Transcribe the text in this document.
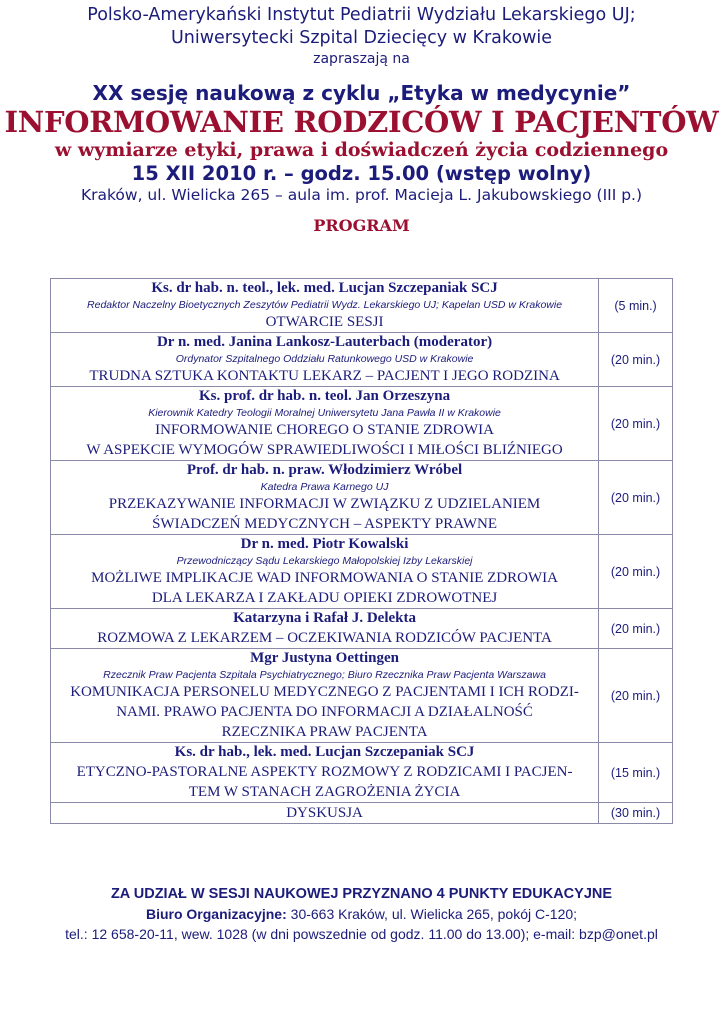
Polsko-Amerykański Instytut Pediatrii Wydziału Lekarskiego UJ;
Uniwersytecki Szpital Dziecięcy w Krakowie
zapraszają na
XX sesję naukową z cyklu „Etyka w medycynie”
INFORMOWANIE RODZICÓW I PACJENTÓW
w wymiarze etyki, prawa i doświadczeń życia codziennego
15 XII 2010 r. – godz. 15.00 (wstęp wolny)
Kraków, ul. Wielicka 265 – aula im. prof. Macieja L. Jakubowskiego (III p.)
PROGRAM
Ks. dr hab. n. teol., lek. med. Lucjan Szczepaniak SCJ
Redaktor Naczelny Bioetycznych Zeszytów Pediatrii Wydz. Lekarskiego UJ; Kapelan USD w Krakowie
OTWARCIE SESJI	(5 min.)

Dr n. med. Janina Lankosz-Lauterbach (moderator)
Ordynator Szpitalnego Oddziału Ratunkowego USD w Krakowie
TRUDNA SZTUKA KONTAKTU LEKARZ – PACJENT I JEGO RODZINA	(20 min.)

Ks. prof. dr hab. n. teol. Jan Orzeszyna
Kierownik Katedry Teologii Moralnej Uniwersytetu Jana Pawła II w Krakowie
INFORMOWANIE CHOREGO O STANIE ZDROWIA
W ASPEKCIE WYMOGÓW SPRAWIEDLIWOŚCI I MIŁOŚCI BLIŹNIEGO	(20 min.)

Prof. dr hab. n. praw. Włodzimierz Wróbel
Katedra Prawa Karnego UJ
PRZEKAZYWANIE INFORMACJI W ZWIĄZKU Z UDZIELANIEM
ŚWIADCZEŃ MEDYCZNYCH – ASPEKTY PRAWNE	(20 min.)

Dr n. med. Piotr Kowalski
Przewodniczący Sądu Lekarskiego Małopolskiej Izby Lekarskiej
MOŻLIWE IMPLIKACJE WAD INFORMOWANIA O STANIE ZDROWIA
DLA LEKARZA I ZAKŁADU OPIEKI ZDROWOTNEJ	(20 min.)

Katarzyna i Rafał J. Delekta
ROZMOWA Z LEKARZEM – OCZEKIWANIA RODZICÓW PACJENTA	(20 min.)

Mgr Justyna Oettingen
Rzecznik Praw Pacjenta Szpitala Psychiatrycznego; Biuro Rzecznika Praw Pacjenta Warszawa
KOMUNIKACJA PERSONELU MEDYCZNEGO Z PACJENTAMI I ICH RODZI-
NAMI. PRAWO PACJENTA DO INFORMACJI A DZIAŁALNOŚĆ
RZECZNIKA PRAW PACJENTA	(20 min.)

Ks. dr hab., lek. med. Lucjan Szczepaniak SCJ
ETYCZNO-PASTORALNE ASPEKTY ROZMOWY Z RODZICAMI I PACJEN-
TEM W STANACH ZAGROŻENIA ŻYCIA	(15 min.)

DYSKUSJA	(30 min.)
ZA UDZIAŁ W SESJI NAUKOWEJ PRZYZNANO 4 PUNKTY EDUKACYJNE
Biuro Organizacyjne: 30-663 Kraków, ul. Wielicka 265, pokój C-120;
tel.: 12 658-20-11, wew. 1028 (w dni powszednie od godz. 11.00 do 13.00); e-mail: bzp@onet.pl
